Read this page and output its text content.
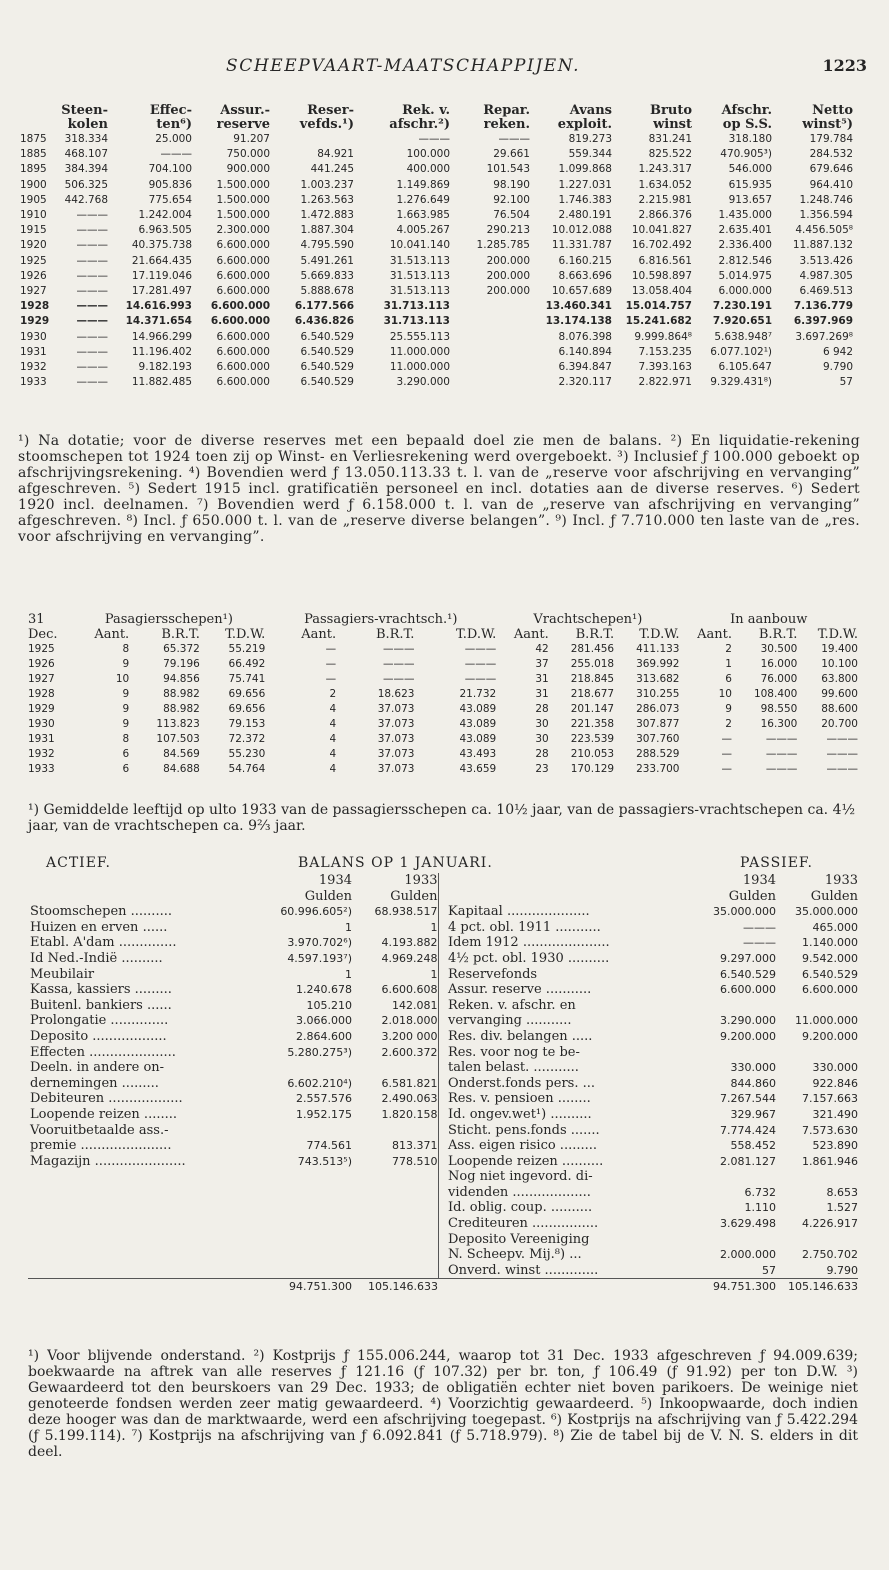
SCHEEPVAART-MAATSCHAPPIJEN.	1223
	Steen-	Effec-	Assur.-	Reser-	Rek. v.	Repar.	Avans	Bruto	Afschr.	Netto
	kolen	ten⁶)	reserve	vefds.¹)	afschr.²)	reken.	exploit.	winst	op S.S.	winst⁵)
1875	318.334	25.000	91.207		———	———	819.273	831.241	318.180	179.784
1885	468.107	———	750.000	84.921	100.000	29.661	559.344	825.522	470.905³)	284.532
1895	384.394	704.100	900.000	441.245	400.000	101.543	1.099.868	1.243.317	546.000	679.646
1900	506.325	905.836	1.500.000	1.003.237	1.149.869	98.190	1.227.031	1.634.052	615.935	964.410
1905	442.768	775.654	1.500.000	1.263.563	1.276.649	92.100	1.746.383	2.215.981	913.657	1.248.746
1910	———	1.242.004	1.500.000	1.472.883	1.663.985	76.504	2.480.191	2.866.376	1.435.000	1.356.594
1915	———	6.963.505	2.300.000	1.887.304	4.005.267	290.213	10.012.088	10.041.827	2.635.401	4.456.505⁸
1920	———	40.375.738	6.600.000	4.795.590	10.041.140	1.285.785	11.331.787	16.702.492	2.336.400	11.887.132
1925	———	21.664.435	6.600.000	5.491.261	31.513.113	200.000	6.160.215	6.816.561	2.812.546	3.513.426
1926	———	17.119.046	6.600.000	5.669.833	31.513.113	200.000	8.663.696	10.598.897	5.014.975	4.987.305
1927	———	17.281.497	6.600.000	5.888.678	31.513.113	200.000	10.657.689	13.058.404	6.000.000	6.469.513
1928	———	14.616.993	6.600.000	6.177.566	31.713.113		13.460.341	15.014.757	7.230.191	7.136.779
1929	———	14.371.654	6.600.000	6.436.826	31.713.113		13.174.138	15.241.682	7.920.651	6.397.969
1930	———	14.966.299	6.600.000	6.540.529	25.555.113		8.076.398	9.999.864⁸	5.638.948⁷	3.697.269⁸
1931	———	11.196.402	6.600.000	6.540.529	11.000.000		6.140.894	7.153.235	6.077.102¹)	6 942
1932	———	9.182.193	6.600.000	6.540.529	11.000.000		6.394.847	7.393.163	6.105.647	9.790
1933	———	11.882.485	6.600.000	6.540.529	3.290.000		2.320.117	2.822.971	9.329.431⁸)	57
¹) Na dotatie; voor de diverse reserves met een bepaald doel zie men de balans. ²) En liquidatie-rekening stoomschepen tot 1924 toen zij op Winst- en Verliesrekening werd overgeboekt. ³) Inclusief ƒ 100.000 geboekt op afschrijvingsrekening. ⁴) Bovendien werd ƒ 13.050.113.33 t. l. van de „reserve voor afschrijving en vervanging” afgeschreven. ⁵) Sedert 1915 incl. gratificatiën personeel en incl. dotaties aan de diverse reserves. ⁶) Sedert 1920 incl. deelnamen. ⁷) Bovendien werd ƒ 6.158.000 t. l. van de „reserve van afschrijving en vervanging” afgeschreven. ⁸) Incl. ƒ 650.000 t. l. van de „reserve diverse belangen”. ⁹) Incl. ƒ 7.710.000 ten laste van de „res. voor afschrijving en vervanging”.
31	Pasagiersschepen¹)			Passagiers-vrachtsch.¹)			Vrachtschepen¹)			In aanbouw		
Dec.	Aant.	B.R.T.	T.D.W.	Aant.	B.R.T.	T.D.W.	Aant.	B.R.T.	T.D.W.	Aant.	B.R.T.	T.D.W.
1925	8	65.372	55.219	—	———	———	42	281.456	411.133	2	30.500	19.400
1926	9	79.196	66.492	—	———	———	37	255.018	369.992	1	16.000	10.100
1927	10	94.856	75.741	—	———	———	31	218.845	313.682	6	76.000	63.800
1928	9	88.982	69.656	2	18.623	21.732	31	218.677	310.255	10	108.400	99.600
1929	9	88.982	69.656	4	37.073	43.089	28	201.147	286.073	9	98.550	88.600
1930	9	113.823	79.153	4	37.073	43.089	30	221.358	307.877	2	16.300	20.700
1931	8	107.503	72.372	4	37.073	43.089	30	223.539	307.760	—	———	———
1932	6	84.569	55.230	4	37.073	43.493	28	210.053	288.529	—	———	———
1933	6	84.688	54.764	4	37.073	43.659	23	170.129	233.700	—	———	———
¹) Gemiddelde leeftijd op ulto 1933 van de passagiersschepen ca. 10½ jaar, van de passagiers-vrachtschepen ca. 4½ jaar, van de vrachtschepen ca. 9⅔ jaar.
ACTIEF.	BALANS OP 1 JANUARI.	PASSIEF.
	1934	1933			1934	1933
	Gulden	Gulden			Gulden	Gulden
Stoomschepen ..........	60.996.605²)	68.938.517		Kapitaal ....................	35.000.000	35.000.000
Huizen en erven ......	1	1		4 pct. obl. 1911 ...........	———	465.000
Etabl. A'dam ..............	3.970.702⁶)	4.193.882		Idem 1912 .....................	———	1.140.000
Id Ned.-Indië ..........	4.597.193⁷)	4.969.248		4½ pct. obl. 1930 ..........	9.297.000	9.542.000
Meubilair	1	1		Reservefonds	6.540.529	6.540.529
Kassa, kassiers .........	1.240.678	6.600.608		Assur. reserve ...........	6.600.000	6.600.000
Buitenl. bankiers ......	105.210	142.081		Reken. v. afschr. en		
Prolongatie ..............	3.066.000	2.018.000		vervanging ...........	3.290.000	11.000.000
Deposito ..................	2.864.600	3.200 000		Res. div. belangen .....	9.200.000	9.200.000
Effecten .....................	5.280.275³)	2.600.372		Res. voor nog te be-		
Deeln. in andere on-				talen belast. ...........	330.000	330.000
dernemingen .........	6.602.210⁴)	6.581.821		Onderst.fonds pers. ...	844.860	922.846
Debiteuren ..................	2.557.576	2.490.063		Res. v. pensioen ........	7.267.544	7.157.663
Loopende reizen ........	1.952.175	1.820.158		Id. ongev.wet¹) ..........	329.967	321.490
Vooruitbetaalde ass.-				Sticht. pens.fonds .......	7.774.424	7.573.630
premie ......................	774.561	813.371		Ass. eigen risico .........	558.452	523.890
Magazijn ......................	743.513⁵)	778.510		Loopende reizen ..........	2.081.127	1.861.946
				Nog niet ingevord. di-		
				videnden ...................	6.732	8.653
				Id. oblig. coup. ..........	1.110	1.527
				Crediteuren ................	3.629.498	4.226.917
				Deposito Vereeniging		
				N. Scheepv. Mij.⁸) ...	2.000.000	2.750.702
				Onverd. winst .............	57	9.790
	94.751.300	105.146.633			94.751.300	105.146.633
¹) Voor blijvende onderstand. ²) Kostprijs ƒ 155.006.244, waarop tot 31 Dec. 1933 afgeschreven ƒ 94.009.639; boekwaarde na aftrek van alle reserves ƒ 121.16 (ƒ 107.32) per br. ton, ƒ 106.49 (ƒ 91.92) per ton D.W. ³) Gewaardeerd tot den beurskoers van 29 Dec. 1933; de obligatiën echter niet boven parikoers. De weinige niet genoteerde fondsen werden zeer matig gewaardeerd. ⁴) Voorzichtig gewaardeerd. ⁵) Inkoopwaarde, doch indien deze hooger was dan de marktwaarde, werd een afschrijving toegepast. ⁶) Kostprijs na afschrijving van ƒ 5.422.294 (ƒ 5.199.114). ⁷) Kostprijs na afschrijving van ƒ 6.092.841 (ƒ 5.718.979). ⁸) Zie de tabel bij de V. N. S. elders in dit deel.
